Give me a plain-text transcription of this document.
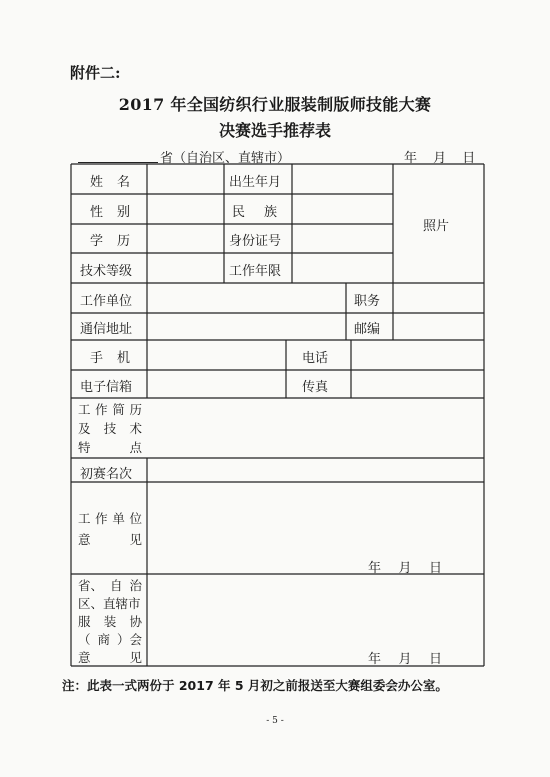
附件二:
2017 年全国纺织行业服装制版师技能大赛
决赛选手推荐表
省（自治区、直辖市）	年 月 日
姓 名	出生年月
照片
性 别	民 族
学 历	身份证号
技术等级	工作年限
工作单位	职务
通信地址	邮编
手 机	电话
电子信箱	传真
工 作 简 历
及 技 术
特	点
初赛名次
工 作 单 位
意	见
年 月 日
省、 自 治
区、直辖市
服 装 协
（ 商 ）会
意	见	年 月 日
注：此表一式两份于 2017 年 5 月初之前报送至大赛组委会办公室。
- 5 -
